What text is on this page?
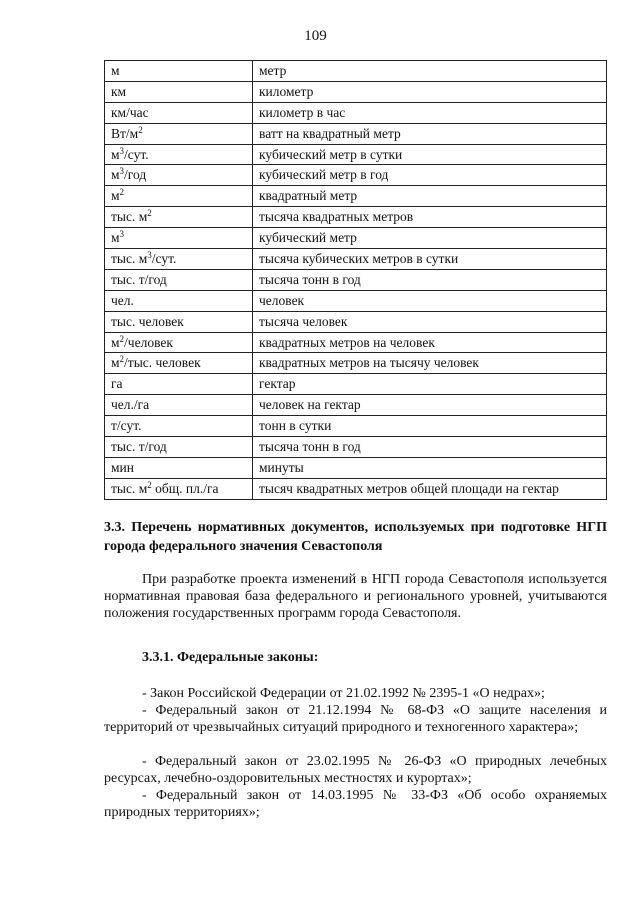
109
м	метр
км	километр
км/час	километр в час
$Вт/м^2$	ватт на квадратный метр
$м^3$/сут.	кубический метр в сутки
$м^3$/год	кубический метр в год
$м^2$	квадратный метр
тыс. $м^2$	тысяча квадратных метров
$м^3$	кубический метр
тыс. $м^3$/сут.	тысяча кубических метров в сутки
тыс. т/год	тысяча тонн в год
чел.	человек
тыс. человек	тысяча человек
$м^2$/человек	квадратных метров на человек
$м^2$/тыс. человек	квадратных метров на тысячу человек
га	гектар
чел./га	человек на гектар
т/сут.	тонн в сутки
тыс. т/год	тысяча тонн в год
мин	минуты
тыс. $м^2$ общ. пл./га	тысяч квадратных метров общей площади на гектар
3.3. Перечень нормативных документов, используемых при подготовке НГП города федерального значения Севастополя
При разработке проекта изменений в НГП города Севастополя используется нормативная правовая база федерального и регионального уровней, учитываются положения государственных программ города Севастополя.
3.3.1. Федеральные законы:
- Закон Российской Федерации от 21.02.1992 № 2395-1 «О недрах»;
- Федеральный закон от 21.12.1994 № 68-ФЗ «О защите населения и территорий от чрезвычайных ситуаций природного и техногенного характера»;
- Федеральный закон от 23.02.1995 № 26-ФЗ «О природных лечебных ресурсах, лечебно-оздоровительных местностях и курортах»;
- Федеральный закон от 14.03.1995 № 33-ФЗ «Об особо охраняемых природных территориях»;
